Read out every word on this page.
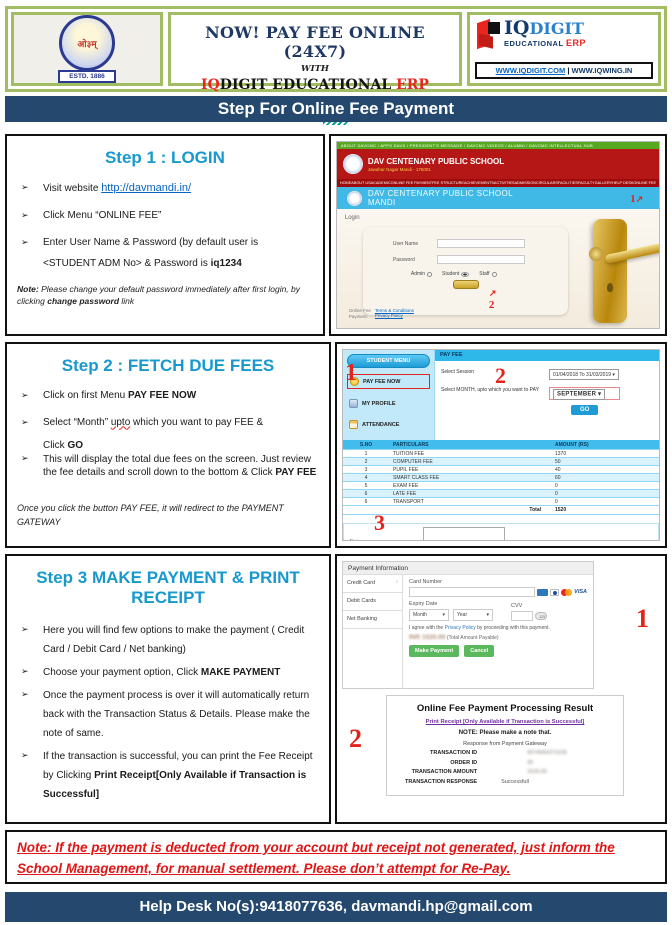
ओ३म्
ESTD. 1886
NOW! PAY FEE ONLINE (24X7)
WITH
IQDIGIT EDUCATIONAL ERP
IQDIGIT
EDUCATIONAL ERP
WWW.IQDIGIT.COM | WWW.IQWING.IN
Step For Online Fee Payment
Step 1 : LOGIN
➢	Visit website http://davmandi.in/
➢	Click Menu “ONLINE FEE”
➢	Enter User Name & Password (by default user is
<STUDENT ADM No> & Password is iq1234
Note: Please change your default password immediately after first login, by clicking change password link
ABOUT DAVCMC / APPS DAVS / PRESIDENT'S MESSAGE / DAVCMC VIDEOS / ALUMNI / DAVCMC INTELLECTUAL HUB
DAV CENTENARY PUBLIC SCHOOL
Jawahar Nagar Mandi - 175001
HOME ABOUT US ACADEMIC ONLINE FEE PAYMENT FEE STRUCTURE ACHIEVEMENTS ACTIVITIES ADMISSION CIRCULARS FACILITIES FACULTY GALLERY HELP DESK ONLINE FEE
DAV CENTENARY PUBLIC SCHOOL
MANDI
Login
User Name
Password
Admin	Student	Staff
Online Fee
Payment:
Terms & Conditions
Privacy Policy
1↗
↗
2
Step 2 : FETCH DUE FEES
➢	Click on first Menu PAY FEE NOW
➢	Select “Month” upto which you want to pay FEE &
Click GO
➢	This will display the total due fees on the screen. Just review the fee details and scroll down to the bottom & Click PAY FEE
Once you click the button PAY FEE, it will redirect to the PAYMENT
GATEWAY
STUDENT MENU
PAY FEE NOW
MY PROFILE
ATTENDANCE
1
PAY FEE
2
Select Session	01/04/2018 To 31/03/2019 ▾
Select MONTH, upto which you want to PAY
SEPTEMBER ▾
GO
S.NO	PARTICULARS	AMOUNT (RS)
1	TUITION FEE	1370
2	COMPUTER FEE	50
3	PUPIL FEE	40
4	SMART CLASS FEE	60
5	EXAM FEE	0
6	LATE FEE	0
6	TRANSPORT	0
Total	1520
3
Step 3 MAKE PAYMENT & PRINT
RECEIPT
➢	Here you will find few options to make the payment ( Credit Card / Debit Card / Net banking)
➢	Choose your payment option, Click MAKE PAYMENT
➢	Once the payment process is over it will automatically return back with the Transaction Status & Details. Please make the note of same.
➢	If the transaction is successful, you can print the Fee Receipt by Clicking Print Receipt[Only Available if Transaction is Successful]
Payment Information
Credit Card ›
Debit Cards
Net Banking
Card Number
VISA
Expiry Date
Month	▾
Year	▾
CVV
123
I agree with the Privacy Policy by proceeding with this payment.
INR 1520.00 (Total Amount Payable)
Make Payment	Cancel
1
Online Fee Payment Processing Result
Print Receipt [Only Available if Transaction is Successful]
NOTE: Please make a note that.
Response from Payment Gateway
TRANSACTION ID	9074659373106
ORDER ID	35
TRANSACTION AMOUNT	1520.00
TRANSACTION RESPONSE	Successfull
2
Note: If the payment is deducted from your account but receipt not generated, just inform the School Management, for manual settlement. Please don’t attempt for Re-Pay.
Help Desk No(s):9418077636, davmandi.hp@gmail.com
